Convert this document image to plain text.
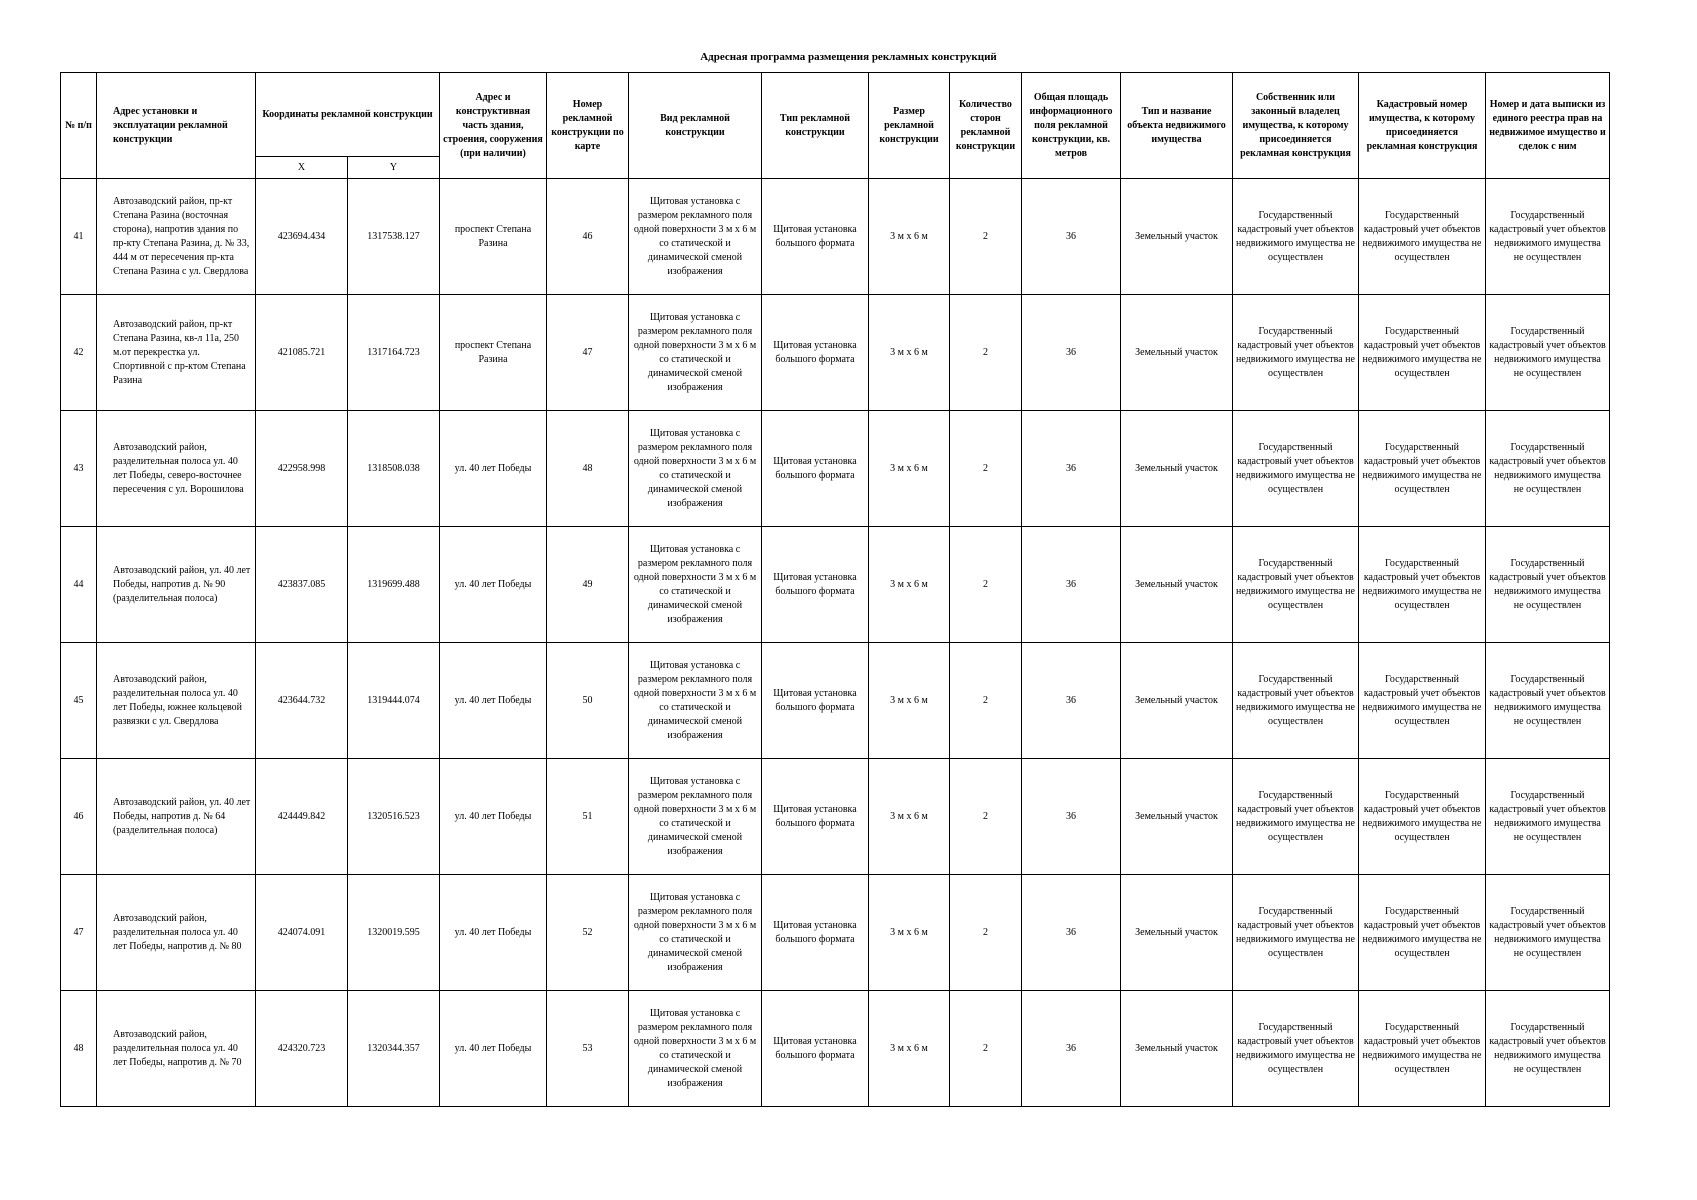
Адресная программа размещения рекламных конструкций
№ п/п	Адрес установки и эксплуатации рекламной конструкции	Координаты рекламной конструкции		Адрес и конструктивная часть здания, строения, сооружения (при наличии)	Номер рекламной конструкции по карте	Вид рекламной конструкции	Тип рекламной конструкции	Размер рекламной конструкции	Количество сторон рекламной конструкции	Общая площадь информационного поля рекламной конструкции, кв. метров	Тип и название объекта недвижимого имущества	Собственник или законный владелец имущества, к которому присоединяется рекламная конструкция	Кадастровый номер имущества, к которому присоединяется рекламная конструкция	Номер и дата выписки из единого реестра прав на недвижимое имущество и сделок с ним
		X	Y											
41	Автозаводский район, пр-кт Степана Разина (восточная сторона), напротив здания по пр-кту Степана Разина, д. № 33, 444 м от пересечения пр-кта Степана Разина с ул. Свердлова	423694.434	1317538.127	проспект Степана Разина	46	Щитовая установка с размером рекламного поля одной поверхности 3 м х 6 м со статической и динамической сменой изображения	Щитовая установка большого формата	3 м х 6 м	2	36	Земельный участок	Государственный кадастровый учет объектов недвижимого имущества не осуществлен	Государственный кадастровый учет объектов недвижимого имущества не осуществлен	Государственный кадастровый учет объектов недвижимого имущества не осуществлен
42	Автозаводский район, пр-кт Степана Разина, кв-л 11а, 250 м.от перекрестка ул. Спортивной с пр-ктом Степана Разина	421085.721	1317164.723	проспект Степана Разина	47	Щитовая установка с размером рекламного поля одной поверхности 3 м х 6 м со статической и динамической сменой изображения	Щитовая установка большого формата	3 м х 6 м	2	36	Земельный участок	Государственный кадастровый учет объектов недвижимого имущества не осуществлен	Государственный кадастровый учет объектов недвижимого имущества не осуществлен	Государственный кадастровый учет объектов недвижимого имущества не осуществлен
43	Автозаводский район, разделительная полоса ул. 40 лет Победы, северо-восточнее пересечения с ул. Ворошилова	422958.998	1318508.038	ул. 40 лет Победы	48	Щитовая установка с размером рекламного поля одной поверхности 3 м х 6 м со статической и динамической сменой изображения	Щитовая установка большого формата	3 м х 6 м	2	36	Земельный участок	Государственный кадастровый учет объектов недвижимого имущества не осуществлен	Государственный кадастровый учет объектов недвижимого имущества не осуществлен	Государственный кадастровый учет объектов недвижимого имущества не осуществлен
44	Автозаводский район, ул. 40 лет Победы, напротив д. № 90 (разделительная полоса)	423837.085	1319699.488	ул. 40 лет Победы	49	Щитовая установка с размером рекламного поля одной поверхности 3 м х 6 м со статической и динамической сменой изображения	Щитовая установка большого формата	3 м х 6 м	2	36	Земельный участок	Государственный кадастровый учет объектов недвижимого имущества не осуществлен	Государственный кадастровый учет объектов недвижимого имущества не осуществлен	Государственный кадастровый учет объектов недвижимого имущества не осуществлен
45	Автозаводский район, разделительная полоса ул. 40 лет Победы, южнее кольцевой развязки с ул. Свердлова	423644.732	1319444.074	ул. 40 лет Победы	50	Щитовая установка с размером рекламного поля одной поверхности 3 м х 6 м со статической и динамической сменой изображения	Щитовая установка большого формата	3 м х 6 м	2	36	Земельный участок	Государственный кадастровый учет объектов недвижимого имущества не осуществлен	Государственный кадастровый учет объектов недвижимого имущества не осуществлен	Государственный кадастровый учет объектов недвижимого имущества не осуществлен
46	Автозаводский район, ул. 40 лет Победы, напротив д. № 64 (разделительная полоса)	424449.842	1320516.523	ул. 40 лет Победы	51	Щитовая установка с размером рекламного поля одной поверхности 3 м х 6 м со статической и динамической сменой изображения	Щитовая установка большого формата	3 м х 6 м	2	36	Земельный участок	Государственный кадастровый учет объектов недвижимого имущества не осуществлен	Государственный кадастровый учет объектов недвижимого имущества не осуществлен	Государственный кадастровый учет объектов недвижимого имущества не осуществлен
47	Автозаводский район, разделительная полоса ул. 40 лет Победы, напротив д. № 80	424074.091	1320019.595	ул. 40 лет Победы	52	Щитовая установка с размером рекламного поля одной поверхности 3 м х 6 м со статической и динамической сменой изображения	Щитовая установка большого формата	3 м х 6 м	2	36	Земельный участок	Государственный кадастровый учет объектов недвижимого имущества не осуществлен	Государственный кадастровый учет объектов недвижимого имущества не осуществлен	Государственный кадастровый учет объектов недвижимого имущества не осуществлен
48	Автозаводский район, разделительная полоса ул. 40 лет Победы, напротив д. № 70	424320.723	1320344.357	ул. 40 лет Победы	53	Щитовая установка с размером рекламного поля одной поверхности 3 м х 6 м со статической и динамической сменой изображения	Щитовая установка большого формата	3 м х 6 м	2	36	Земельный участок	Государственный кадастровый учет объектов недвижимого имущества не осуществлен	Государственный кадастровый учет объектов недвижимого имущества не осуществлен	Государственный кадастровый учет объектов недвижимого имущества не осуществлен
